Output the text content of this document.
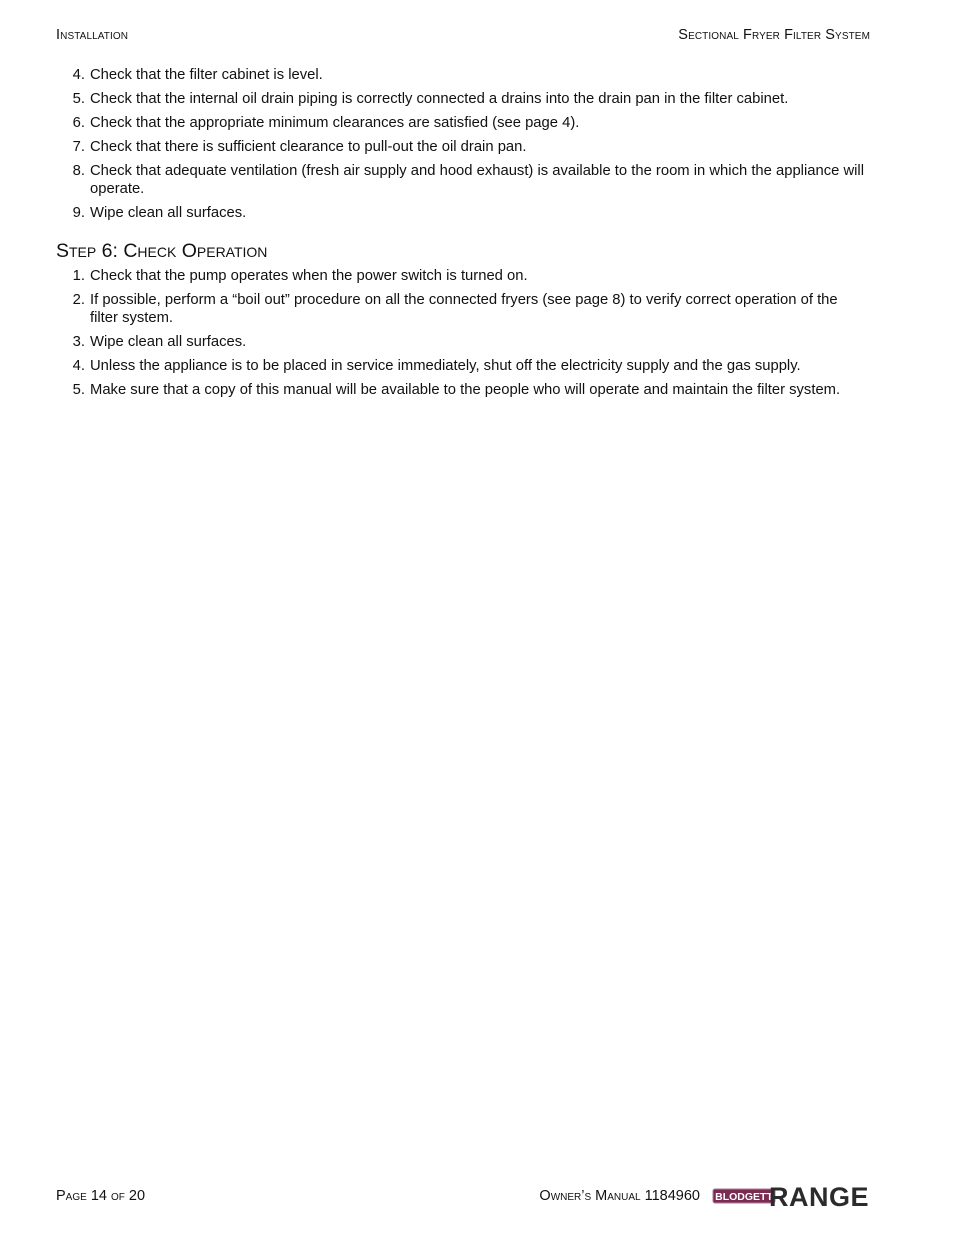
Installation	Sectional Fryer Filter System
4. Check that the filter cabinet is level.
5. Check that the internal oil drain piping is correctly connected a drains into the drain pan in the filter cabinet.
6. Check that the appropriate minimum clearances are satisfied (see page 4).
7. Check that there is sufficient clearance to pull-out the oil drain pan.
8. Check that adequate ventilation (fresh air supply and hood exhaust) is available to the room in which the appliance will operate.
9. Wipe clean all surfaces.
Step 6: Check Operation
1. Check that the pump operates when the power switch is turned on.
2. If possible, perform a “boil out” procedure on all the connected fryers (see page 8) to verify correct operation of the filter system.
3. Wipe clean all surfaces.
4. Unless the appliance is to be placed in service immediately, shut off the electricity supply and the gas supply.
5. Make sure that a copy of this manual will be available to the people who will operate and maintain the filter system.
Page 14 of 20	Owner’s Manual 1184960 BLODGETT
RANGE
